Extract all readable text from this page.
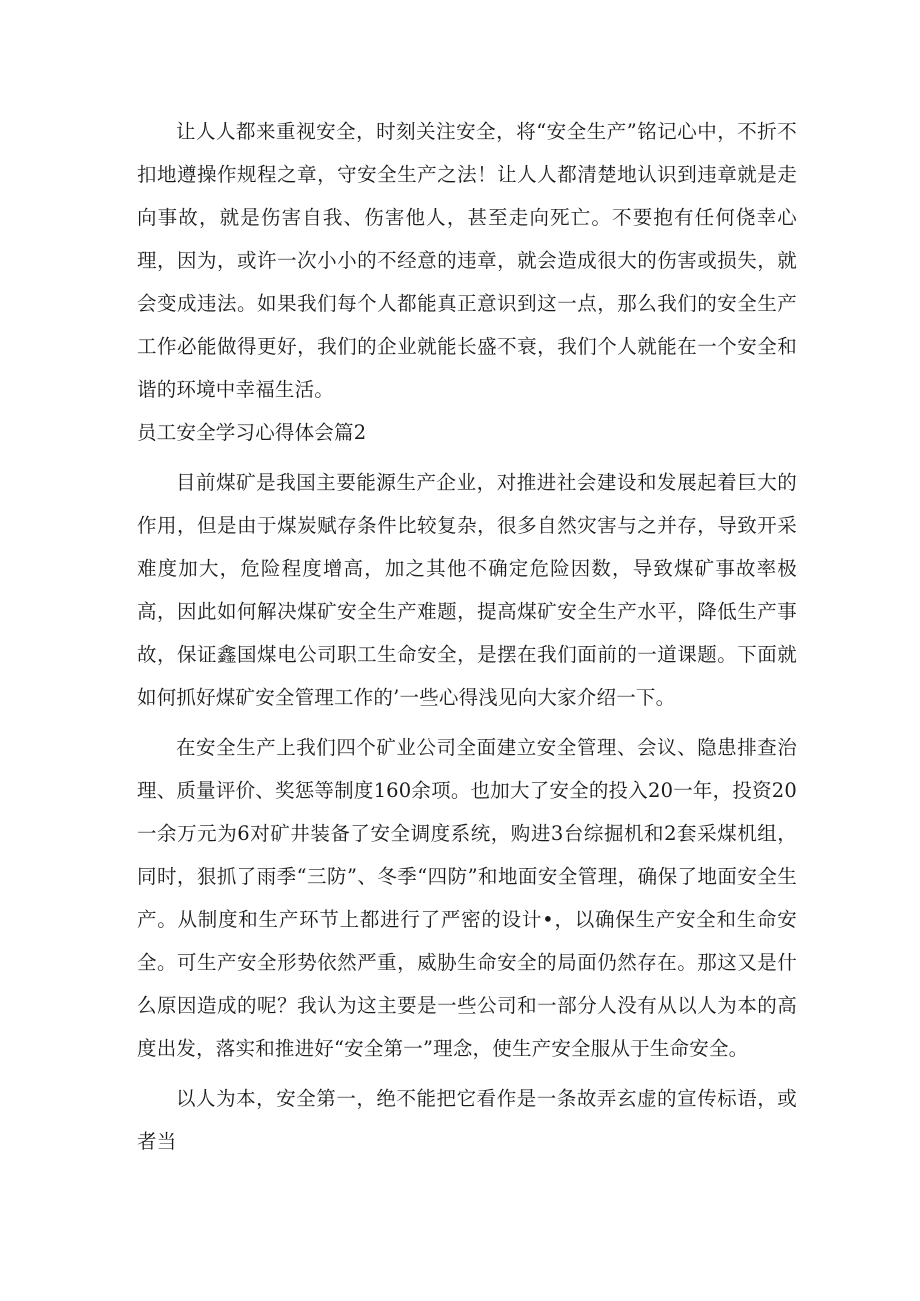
让人人都来重视安全，时刻关注安全，将“安全生产”铭记心中，不折不扣地遵操作规程之章，守安全生产之法！让人人都清楚地认识到违章就是走向事故，就是伤害自我、伤害他人，甚至走向死亡。不要抱有任何侥幸心理，因为，或许一次小小的不经意的违章，就会造成很大的伤害或损失，就会变成违法。如果我们每个人都能真正意识到这一点，那么我们的安全生产工作必能做得更好，我们的企业就能长盛不衰，我们个人就能在一个安全和谐的环境中幸福生活。

员工安全学习心得体会篇2

目前煤矿是我国主要能源生产企业，对推进社会建设和发展起着巨大的作用，但是由于煤炭赋存条件比较复杂，很多自然灾害与之并存，导致开采难度加大，危险程度增高，加之其他不确定危险因数，导致煤矿事故率极高，因此如何解决煤矿安全生产难题，提高煤矿安全生产水平，降低生产事故，保证鑫国煤电公司职工生命安全，是摆在我们面前的一道课题。下面就如何抓好煤矿安全管理工作的’一些心得浅见向大家介绍一下。

在安全生产上我们四个矿业公司全面建立安全管理、会议、隐患排查治理、质量评价、奖惩等制度160余项。也加大了安全的投入20一年，投资20一余万元为6对矿井装备了安全调度系统，购进3台综掘机和2套采煤机组，同时，狠抓了雨季“三防”、冬季“四防”和地面安全管理，确保了地面安全生产。从制度和生产环节上都进行了严密的设计•，以确保生产安全和生命安全。可生产安全形势依然严重，威胁生命安全的局面仍然存在。那这又是什么原因造成的呢？我认为这主要是一些公司和一部分人没有从以人为本的高度出发，落实和推进好“安全第一”理念，使生产安全服从于生命安全。

以人为本，安全第一，绝不能把它看作是一条故弄玄虚的宣传标语，或者当
